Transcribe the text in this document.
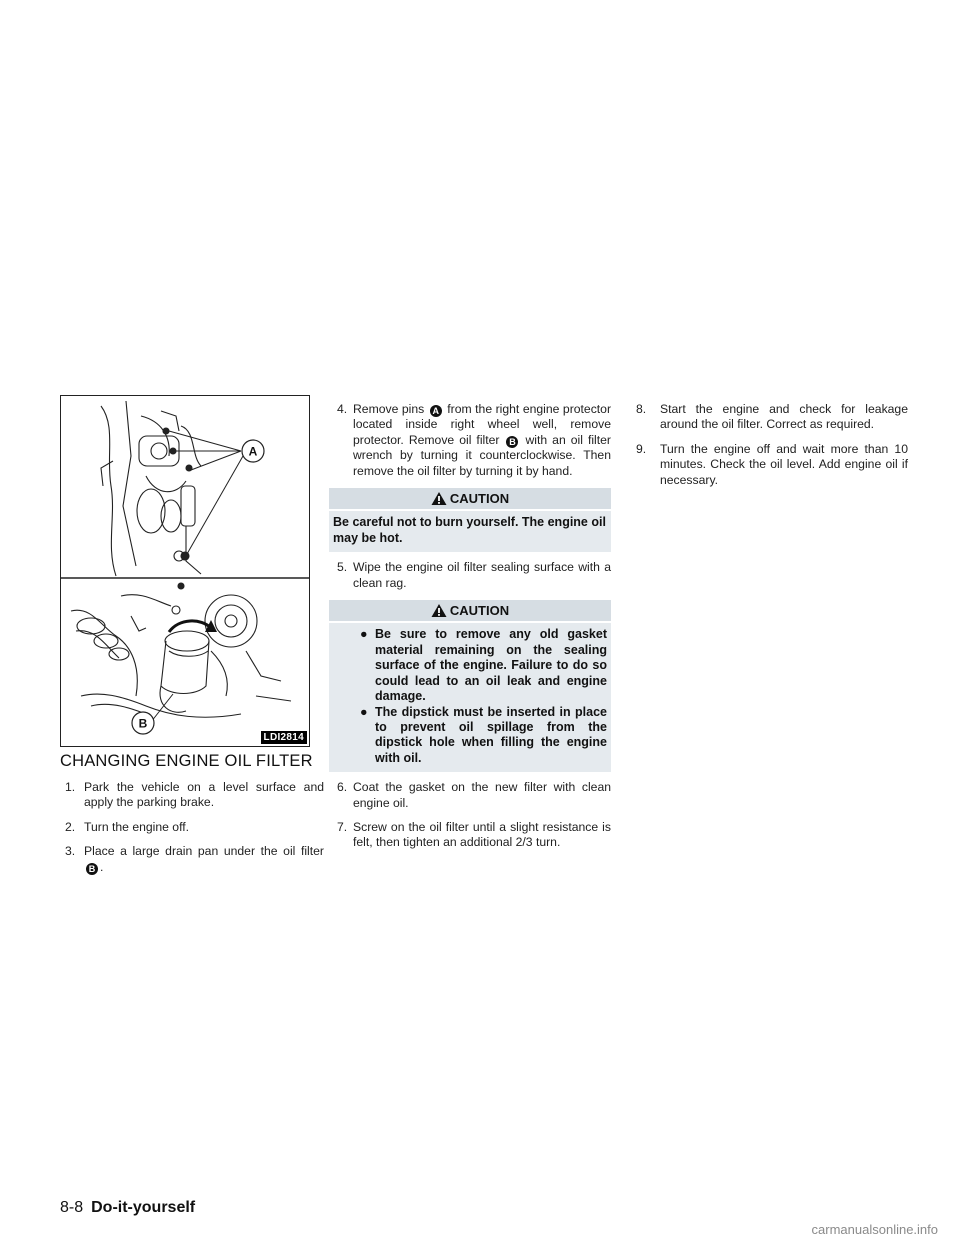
A
B
LDI2814
CHANGING ENGINE OIL FILTER

1. Park the vehicle on a level surface and apply the parking brake.

2. Turn the engine off.

3. Place a large drain pan under the oil filter B .

4. Remove pins A from the right engine protector located inside right wheel well, remove protector. Remove oil filter B with an oil filter wrench by turning it counterclockwise. Then remove the oil filter by turning it by hand.

CAUTION

Be careful not to burn yourself. The engine oil may be hot.

5. Wipe the engine oil filter sealing surface with a clean rag.

CAUTION

● Be sure to remove any old gasket material remaining on the sealing surface of the engine. Failure to do so could lead to an oil leak and engine damage.

● The dipstick must be inserted in place to prevent oil spillage from the dipstick hole when filling the engine with oil.

6. Coat the gasket on the new filter with clean engine oil.

7. Screw on the oil filter until a slight resistance is felt, then tighten an additional 2/3 turn.

8. Start the engine and check for leakage around the oil filter. Correct as required.

9. Turn the engine off and wait more than 10 minutes. Check the oil level. Add engine oil if necessary.

8-8 Do-it-yourself
carmanualsonline.info
